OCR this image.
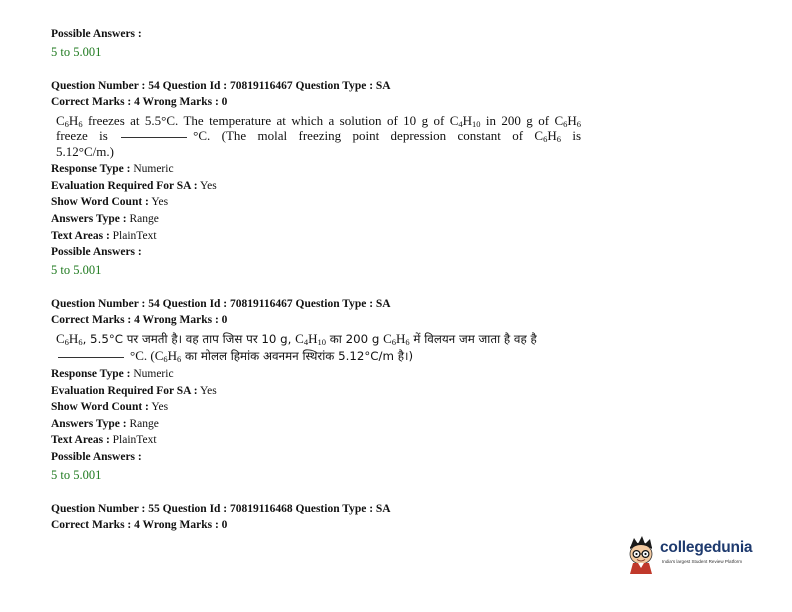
Possible Answers :
5 to 5.001
Question Number : 54 Question Id : 70819116467 Question Type : SA
Correct Marks : 4 Wrong Marks : 0
$C_6H_6$ freezes at 5.5°C. The temperature at which a solution of 10 g of $C_4H_{10}$ in 200 g of $C_6H_6$
freeze is	°C. (The molal freezing point depression constant of $C_6H_6$ is
5.12°C/m.)
Response Type : Numeric
Evaluation Required For SA : Yes
Show Word Count : Yes
Answers Type : Range
Text Areas : PlainText
Possible Answers :
5 to 5.001
Question Number : 54 Question Id : 70819116467 Question Type : SA
Correct Marks : 4 Wrong Marks : 0
$C_6H_6$, 5.5°C पर जमती है। वह ताप जिस पर 10 g, $C_4H_{10}$ का 200 g $C_6H_6$ में विलयन जम जाता है वह है
°C. ($C_6H_6$ का मोलल हिमांक अवनमन स्थिरांक 5.12°C/m है।)
Response Type : Numeric
Evaluation Required For SA : Yes
Show Word Count : Yes
Answers Type : Range
Text Areas : PlainText
Possible Answers :
5 to 5.001
Question Number : 55 Question Id : 70819116468 Question Type : SA
Correct Marks : 4 Wrong Marks : 0
collegedunia
India's largest Student Review Platform
